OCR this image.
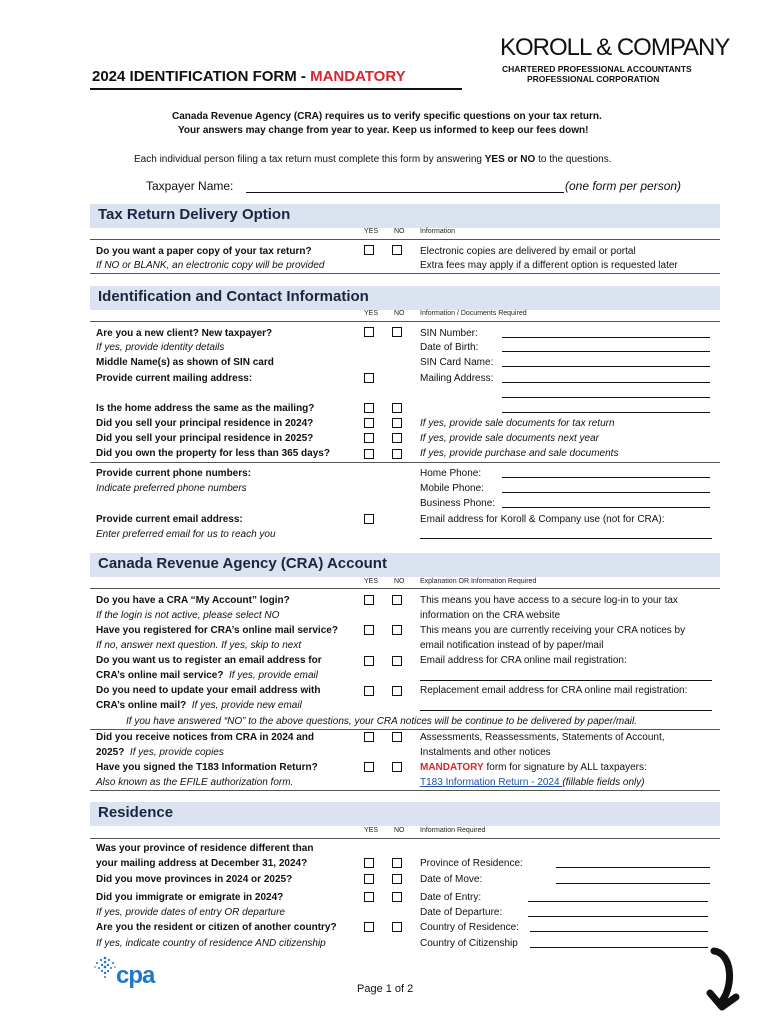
KOROLL & COMPANY
CHARTERED PROFESSIONAL ACCOUNTANTS
PROFESSIONAL CORPORATION
2024 IDENTIFICATION FORM - MANDATORY
Canada Revenue Agency (CRA) requires us to verify specific questions on your tax return.
Your answers may change from year to year. Keep us informed to keep our fees down!
Each individual person filing a tax return must complete this form by answering YES or NO to the questions.
Taxpayer Name:	(one form per person)
Tax Return Delivery Option
YES NO Information
Do you want a paper copy of your tax return?
If NO or BLANK, an electronic copy will be provided
Electronic copies are delivered by email or portal
Extra fees may apply if a different option is requested later
Identification and Contact Information
YES NO Information / Documents Required
Are you a new client? New taxpayer?
If yes, provide identity details
Middle Name(s) as shown of SIN card
Provide current mailing address:
SIN Number:
Date of Birth:
SIN Card Name:
Mailing Address:
Is the home address the same as the mailing?
Did you sell your principal residence in 2024?
Did you sell your principal residence in 2025?
Did you own the property for less than 365 days?
If yes, provide sale documents for tax return
If yes, provide sale documents next year
If yes, provide purchase and sale documents
Provide current phone numbers:
Indicate preferred phone numbers
Home Phone:
Mobile Phone:
Business Phone:
Provide current email address:
Enter preferred email for us to reach you
Email address for Koroll & Company use (not for CRA):
Canada Revenue Agency (CRA) Account
YES NO Explanation OR Information Required
Do you have a CRA “My Account” login?
If the login is not active, please select NO
This means you have access to a secure log-in to your tax
information on the CRA website
Have you registered for CRA’s online mail service?
If no, answer next question. If yes, skip to next
This means you are currently receiving your CRA notices by
email notification instead of by paper/mail
Do you want us to register an email address for
CRA’s online mail service? If yes, provide email
Email address for CRA online mail registration:
Do you need to update your email address with
CRA’s online mail? If yes, provide new email
Replacement email address for CRA online mail registration:
If you have answered “NO” to the above questions, your CRA notices will be continue to be delivered by paper/mail.
Did you receive notices from CRA in 2024 and
2025? If yes, provide copies
Assessments, Reassessments, Statements of Account,
Instalments and other notices
Have you signed the T183 Information Return?
Also known as the EFILE authorization form.
MANDATORY form for signature by ALL taxpayers:
T183 Information Return - 2024 (fillable fields only)
Residence
YES NO Information Required
Was your province of residence different than
your mailing address at December 31, 2024?
Did you move provinces in 2024 or 2025?
Province of Residence:
Date of Move:
Did you immigrate or emigrate in 2024?
If yes, provide dates of entry OR departure
Date of Entry:
Date of Departure:
Are you the resident or citizen of another country?
If yes, indicate country of residence AND citizenship
Country of Residence:
Country of Citizenship
cpa	Page 1 of 2
